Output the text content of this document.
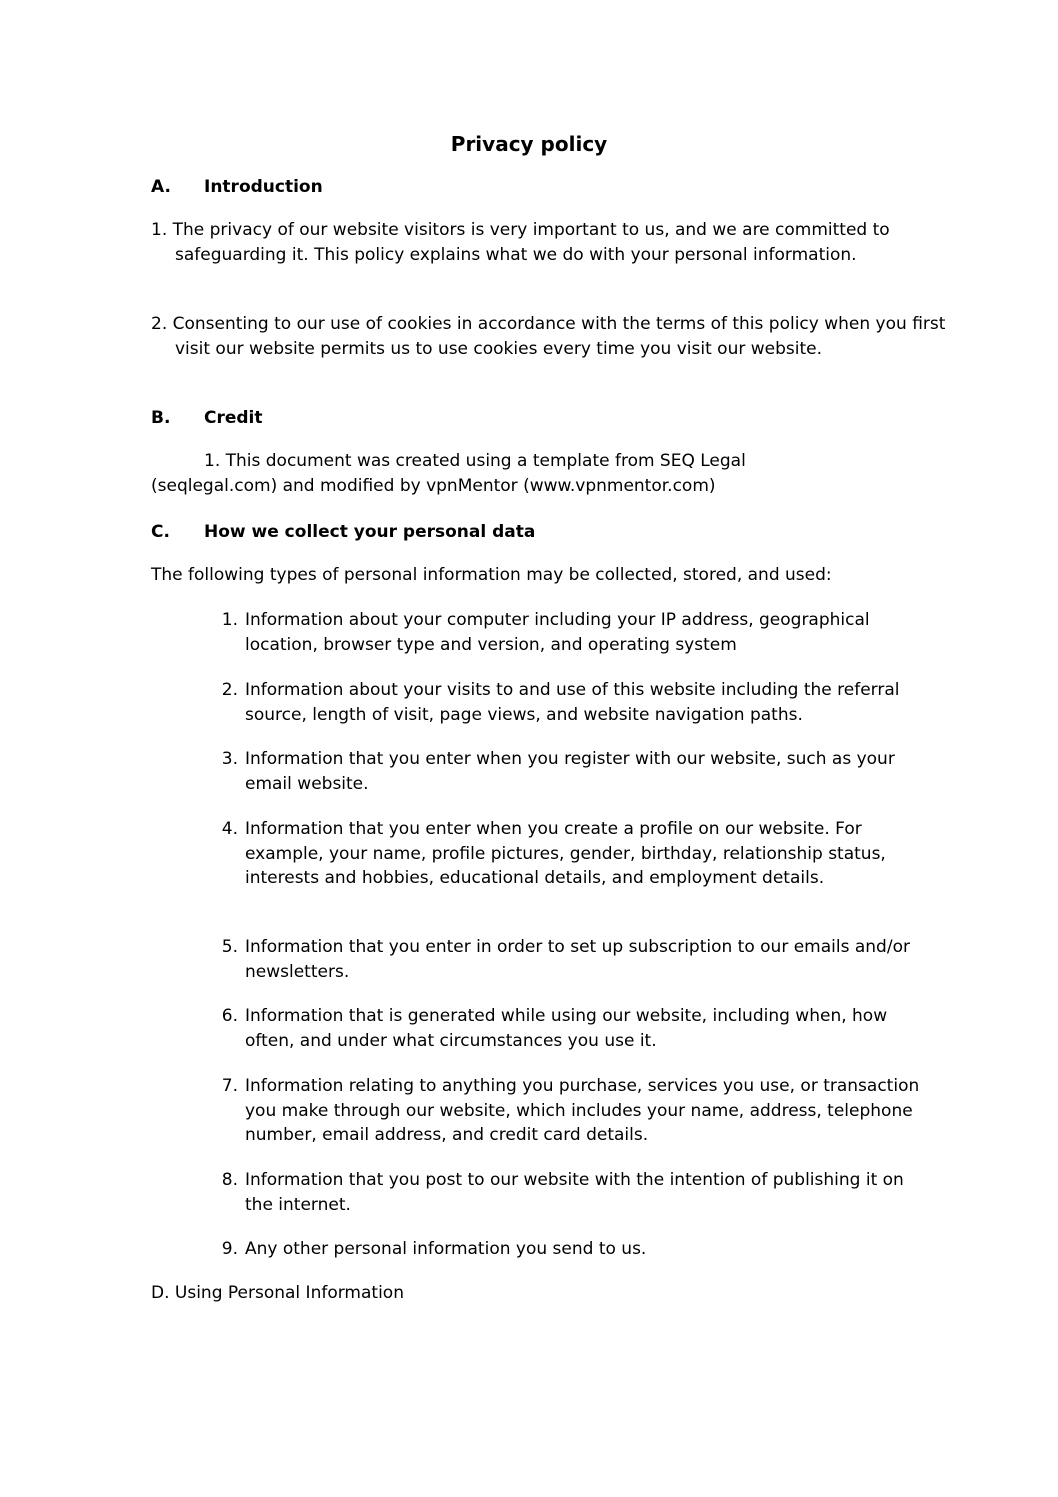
Privacy policy
A. Introduction
1. The privacy of our website visitors is very important to us, and we are committed to safeguarding it. This policy explains what we do with your personal information.
2. Consenting to our use of cookies in accordance with the terms of this policy when you first visit our website permits us to use cookies every time you visit our website.
B. Credit
1. This document was created using a template from SEQ Legal
(seqlegal.com) and modified by vpnMentor (www.vpnmentor.com)
C. How we collect your personal data
The following types of personal information may be collected, stored, and used:
1. Information about your computer including your IP address, geographical location, browser type and version, and operating system
2. Information about your visits to and use of this website including the referral source, length of visit, page views, and website navigation paths.
3. Information that you enter when you register with our website, such as your email website.
4. Information that you enter when you create a profile on our website. For example, your name, profile pictures, gender, birthday, relationship status, interests and hobbies, educational details, and employment details.
5. Information that you enter in order to set up subscription to our emails and/or newsletters.
6. Information that is generated while using our website, including when, how often, and under what circumstances you use it.
7. Information relating to anything you purchase, services you use, or transaction you make through our website, which includes your name, address, telephone number, email address, and credit card details.
8. Information that you post to our website with the intention of publishing it on the internet.
9. Any other personal information you send to us.
D. Using Personal Information
